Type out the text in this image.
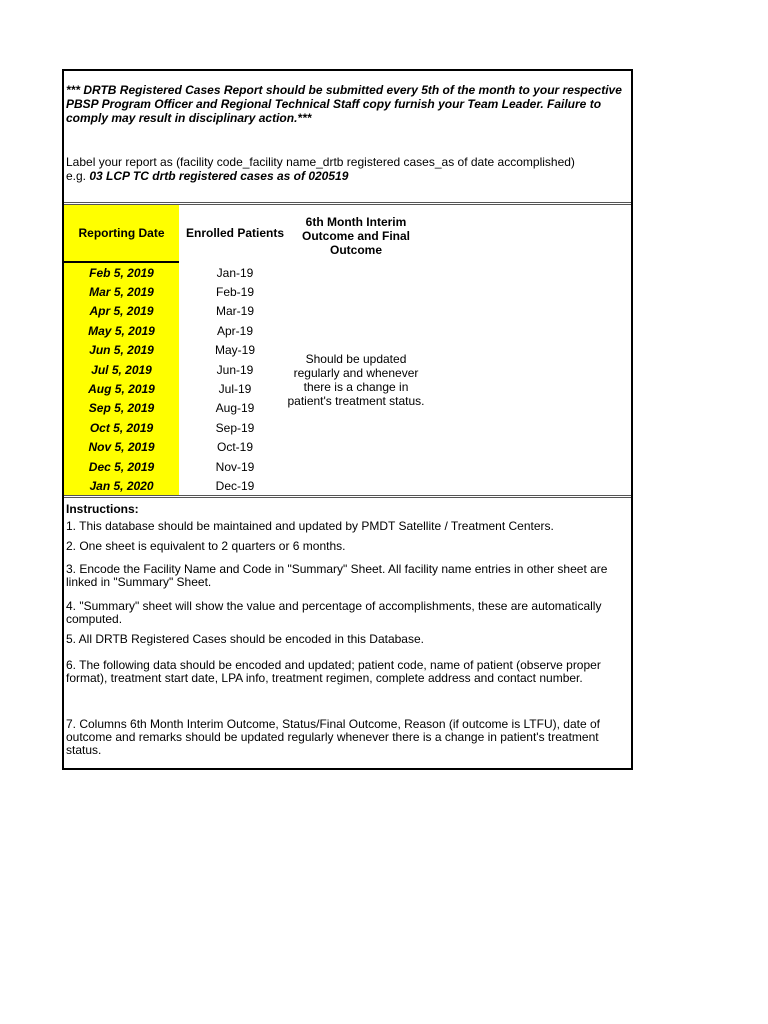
*** DRTB Registered Cases Report should be submitted every 5th of the month to your respective PBSP Program Officer and Regional Technical Staff copy furnish your Team Leader. Failure to comply may result in disciplinary action.***
Label your report as (facility code_facility name_drtb registered cases_as of date accomplished)
e.g. 03 LCP TC drtb registered cases as of 020519
Reporting Date	Enrolled Patients
6th Month Interim Outcome and Final Outcome
Feb 5, 2019	Jan-19
Mar 5, 2019	Feb-19
Apr 5, 2019	Mar-19
May 5, 2019	Apr-19
Jun 5, 2019	May-19
Jul 5, 2019	Jun-19
Aug 5, 2019	Jul-19
Sep 5, 2019	Aug-19
Oct 5, 2019	Sep-19
Nov 5, 2019	Oct-19
Dec 5, 2019	Nov-19
Jan 5, 2020	Dec-19
Should be updated regularly and whenever there is a change in patient's treatment status.
Instructions:
1. This database should be maintained and updated by PMDT Satellite / Treatment Centers.
2. One sheet is equivalent to 2 quarters or 6 months.
3. Encode the Facility Name and Code in "Summary" Sheet. All facility name entries in other sheet are linked in "Summary" Sheet.
4. "Summary" sheet will show the value and percentage of accomplishments, these are automatically computed.
5. All DRTB Registered Cases should be encoded in this Database.
6. The following data should be encoded and updated; patient code, name of patient (observe proper format), treatment start date, LPA info, treatment regimen, complete address and contact number.
7. Columns 6th Month Interim Outcome, Status/Final Outcome, Reason (if outcome is LTFU), date of outcome and remarks should be updated regularly whenever there is a change in patient's treatment status.
